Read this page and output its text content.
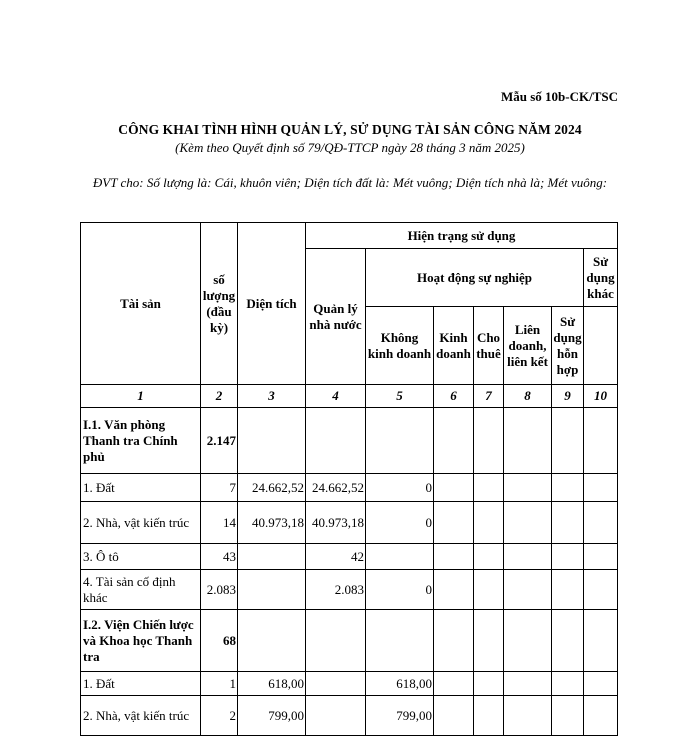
Mẫu số 10b-CK/TSC
CÔNG KHAI TÌNH HÌNH QUẢN LÝ, SỬ DỤNG TÀI SẢN CÔNG NĂM 2024
(Kèm theo Quyết định số 79/QĐ-TTCP ngày 28 tháng 3 năm 2025)
ĐVT cho: Số lượng là: Cái, khuôn viên; Diện tích đất là: Mét vuông; Diện tích nhà là; Mét vuông:
Tài sản	số lượng (đầu kỳ)	Diện tích	Hiện trạng sử dụng						
			Quản lý nhà nước	Hoạt động sự nghiệp					Sử dụng khác
				Không kinh doanh	Kinh doanh	Cho thuê	Liên doanh, liên kết	Sử dụng hỗn hợp	
1	2	3	4	5	6	7	8	9	10
I.1. Văn phòng Thanh tra Chính phủ	2.147								
1. Đất	7	24.662,52	24.662,52	0					
2. Nhà, vật kiến trúc	14	40.973,18	40.973,18	0					
3. Ô tô	43		42						
4. Tài sản cố định khác	2.083		2.083	0					
I.2. Viện Chiến lược và Khoa học Thanh tra	68								
1. Đất	1	618,00		618,00					
2. Nhà, vật kiến trúc	2	799,00		799,00					
